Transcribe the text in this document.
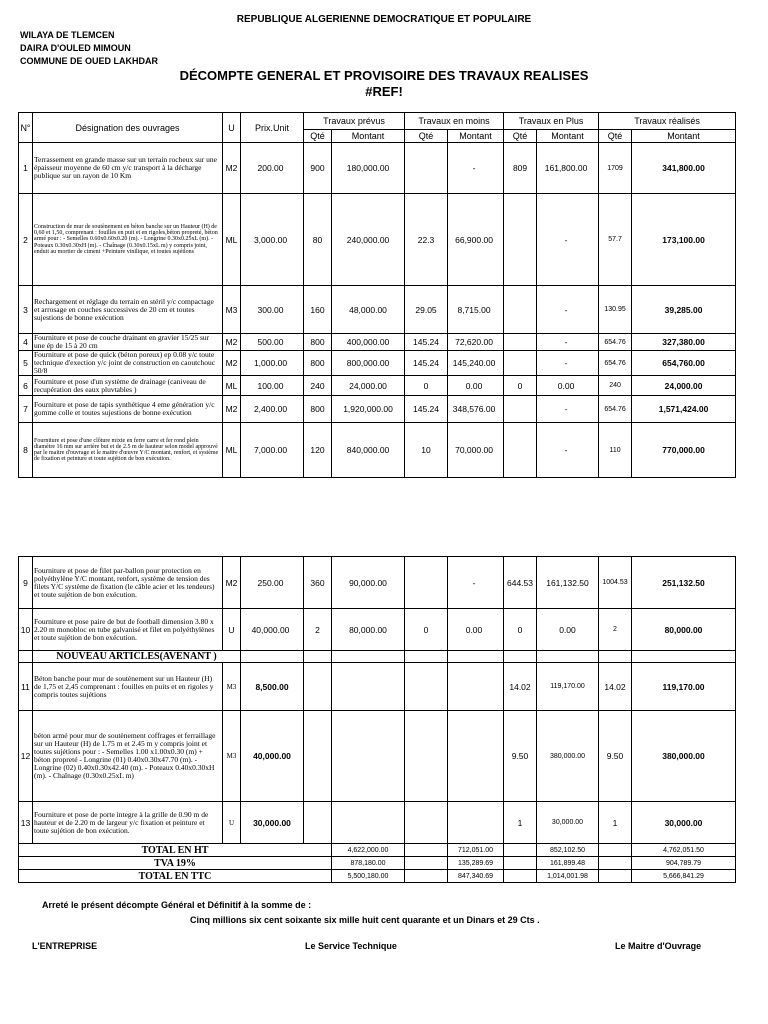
REPUBLIQUE ALGERIENNE DEMOCRATIQUE ET POPULAIRE
WILAYA DE TLEMCEN
DAIRA D'OULED MIMOUN
COMMUNE DE OUED LAKHDAR
DÉCOMPTE GENERAL ET PROVISOIRE DES TRAVAUX REALISES
#REF!
N°	Désignation des ouvrages	U	Prix.Unit	Travaux prévus		Travaux en moins		Travaux en Plus		Travaux réalisés	
				Qté	Montant	Qté	Montant	Qté	Montant	Qté	Montant
1	Terrassement en grande masse sur un terrain rocheux sur une épaisseur moyenne de 60 cm y/c transport à la décharge publique sur un rayon de 10 Km	M2	200.00	900	180,000.00		-	809	161,800.00	1709	341,800.00
2	Construction de mur de soutènement en béton banche sur un Hauteur (H) de 0,60 et 1,50, comprenant : fouilles en puit et en rigoles,béton propreté, béton armé pour : - Semelles 0.60x0.60x0.20 (m). - Longrine 0.30x0.25xL (m). - Poteaux 0.30x0.30xH (m). - Chaînage (0.30x0.15xL m) y compris joint, enduit au mortier de ciment +Peinture vinilique, et toutes sujétions	ML	3,000.00	80	240,000.00	22.3	66,900.00		-	57.7	173,100.00
3	Rechargement et réglage du terrain en stéril y/c compactage et arrosage en couches successives de 20 cm et toutes sujestions de bonne exécution	M3	300.00	160	48,000.00	29.05	8,715.00		-	130.95	39,285.00
4	Fourniture et pose de couche drainant en gravier 15/25 sur une ép de 15 à 20 cm	M2	500.00	800	400,000.00	145.24	72,620.00		-	654.76	327,380.00
5	Fourniture et pose de quick (béton poreux) ep 0.08 y/c toute technique d'exection y/c joint de construction en caoutchouc 50/8	M2	1,000.00	800	800,000.00	145.24	145,240.00		-	654.76	654,760.00
6	Fourniture et pose d'un système de drainage (caniveau de recupération des eaux pluvtables )	ML	100.00	240	24,000.00	0	0.00	0	0.00	240	24,000.00
7	Fourniture et pose de tapis synthétique 4 eme génération y/c gomme colle et toutes sujestions de bonne exécution	M2	2,400.00	800	1,920,000.00	145.24	348,576.00		-	654.76	1,571,424.00
8	Fourniture et pose d'une clôture mixte en ferre carre et fer rond plein diamètre 16 mm sur arrière but et de 2.5 m de hauteur selon model approuvé par le maitre d'ouvrage et le maitre d'œuvre Y/C montant, renfort, et système de fixation et peinture et toute sujétion de bon exécution.	ML	7,000.00	120	840,000.00	10	70,000.00		-	110	770,000.00
9	Fourniture et pose de filet par-ballon pour protection en polyéthylène Y/C montant, renfort, système de tension des filets Y/C système de fixation (le câble acier et les tendeurs) et toute sujétion de bon exécution.	M2	250.00	360	90,000.00		-	644.53	161,132.50	1004.53	251,132.50
10	Fourniture et pose paire de but de football dimension 3.80 x 2.20 m monobloc en tube galvanisé et filet en polyéthylènes et toute sujétion de bon exécution.	U	40,000.00	2	80,000.00	0	0.00	0	0.00	2	80,000.00
	NOUVEAU ARTICLES(AVENANT )										
11	Béton banche pour mur de soutènement sur un Hauteur (H) de 1,75 et 2,45 comprenant : fouilles en puits et en rigoles y compris toutes sujétions	M3	8,500.00					14.02	119,170.00	14.02	119,170.00
12	béton armé pour mur de soutènement coffrages et ferraillage sur un Hauteur (H) de 1.75 m et 2.45 m y compris joint et toutes sujétions pour : - Semelles 1.00 x1.00x0.30 (m) + béton propreté - Longrine (01) 0.40x0.30x47.70 (m). - Longrine (02) 0.40x0.30x42.40 (m). - Poteaux 0.40x0.30xH (m). - Chaînage (0.30x0.25xL m)	M3	40,000.00					9.50	380,000.00	9.50	380,000.00
13	Fourniture et pose de porte integre à la grille de 0.90 m de hauteur et de 2.20 m de largeur y/c fixation et peinture et toute sujétion de bon exécution.	U	30,000.00					1	30,000.00	1	30,000.00
TOTAL EN HT					4,622,000.00		712,051.00		852,102.50		4,762,051.50
TVA 19%					878,180.00		135,289.69		161,899.48		904,789.79
TOTAL EN TTC					5,500,180.00		847,340.69		1,014,001.98		5,666,841.29
Arreté le présent décompte Général et Définitif à la somme de :
Cinq millions six cent soixante six mille huit cent quarante et un Dinars et 29 Cts .
L'ENTREPRISE	Le Service Technique	Le Maitre d'Ouvrage
